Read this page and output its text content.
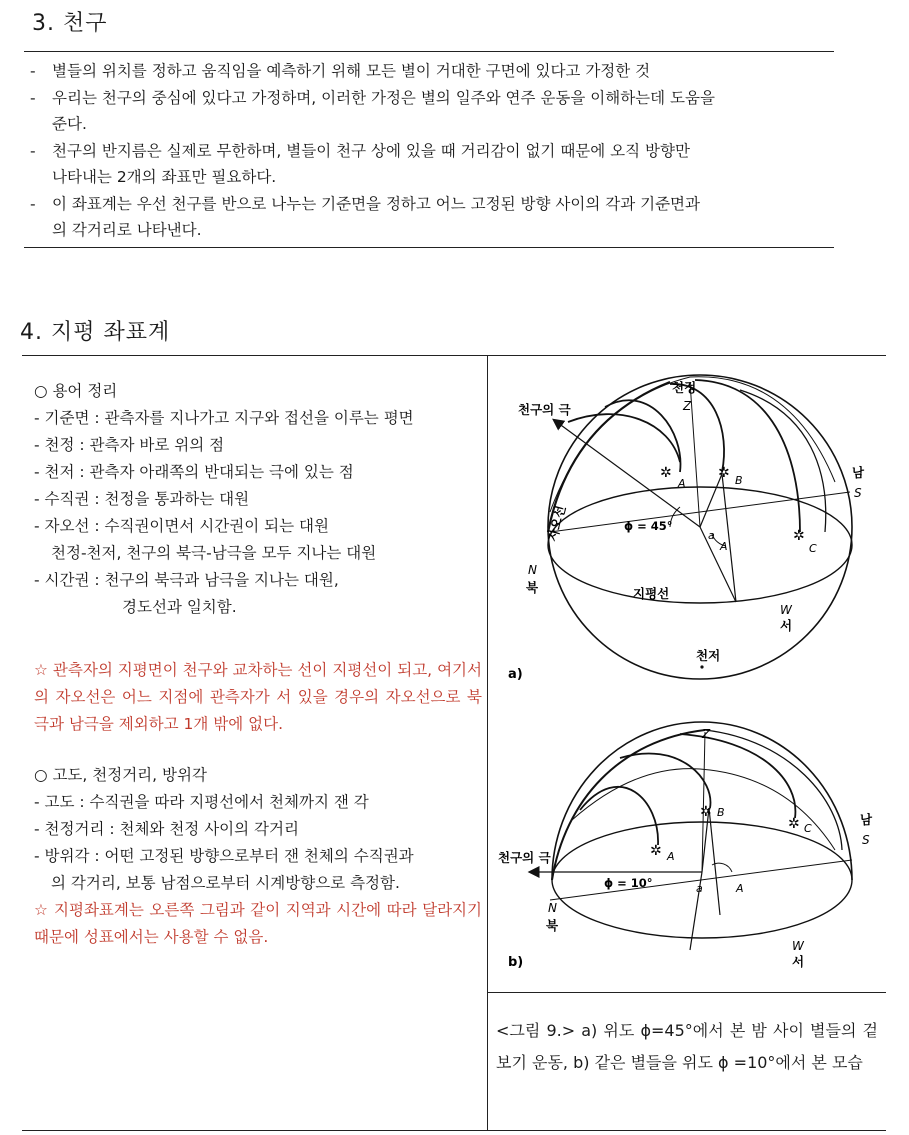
3. 천구
- 별들의 위치를 정하고 움직임을 예측하기 위해 모든 별이 거대한 구면에 있다고 가정한 것
- 우리는 천구의 중심에 있다고 가정하며, 이러한 가정은 별의 일주와 연주 운동을 이해하는데 도움을
준다.
- 천구의 반지름은 실제로 무한하며, 별들이 천구 상에 있을 때 거리감이 없기 때문에 오직 방향만
나타내는 2개의 좌표만 필요하다.
- 이 좌표계는 우선 천구를 반으로 나누는 기준면을 정하고 어느 고정된 방향 사이의 각과 기준면과
의 각거리로 나타낸다.
4. 지평 좌표계

○ 용어 정리

- 기준면 : 관측자를 지나가고 지구와 접선을 이루는 평면

- 천정 : 관측자 바로 위의 점

- 천저 : 관측자 아래쪽의 반대되는 극에 있는 점

- 수직권 : 천정을 통과하는 대원

- 자오선 : 수직권이면서 시간권이 되는 대원

천정-천저, 천구의 북극-남극을 모두 지나는 대원

- 시간권 : 천구의 북극과 남극을 지나는 대원,

경도선과 일치함.

☆ 관측자의 지평면이 천구와 교차하는 선이 지평선이 되고, 여기서의 자오선은 어느 지점에 관측자가 서 있을 경우의 자오선으로 북극과 남극을 제외하고 1개 밖에 없다.

○ 고도, 천정거리, 방위각

- 고도 : 수직권을 따라 지평선에서 천체까지 잰 각

- 천정거리 : 천체와 천정 사이의 각거리

- 방위각 : 어떤 고정된 방향으로부터 잰 천체의 수직권과

의 각거리, 보통 남점으로부터 시계방향으로 측정함.

☆ 지평좌표계는 오른쪽 그림과 같이 지역과 시간에 따라 달라지기 때문에 성표에서는 사용할 수 없음.

천구의 극
천정
Z
남
S
N
북
W
서
천저
지평선
자오선	ϕ = 45°
a
A
✲
A
✲ B
✲
C
a)
Z
천구의 극
남
S
N
북
W
서
ϕ = 10°	a	A
✲ A
✲ B
✲ C
b)
<그림 9.> a) 위도 ϕ=45°에서 본 밤 사이 별들의 겉보기 운동, b) 같은 별들을 위도 ϕ =10°에서 본 모습
